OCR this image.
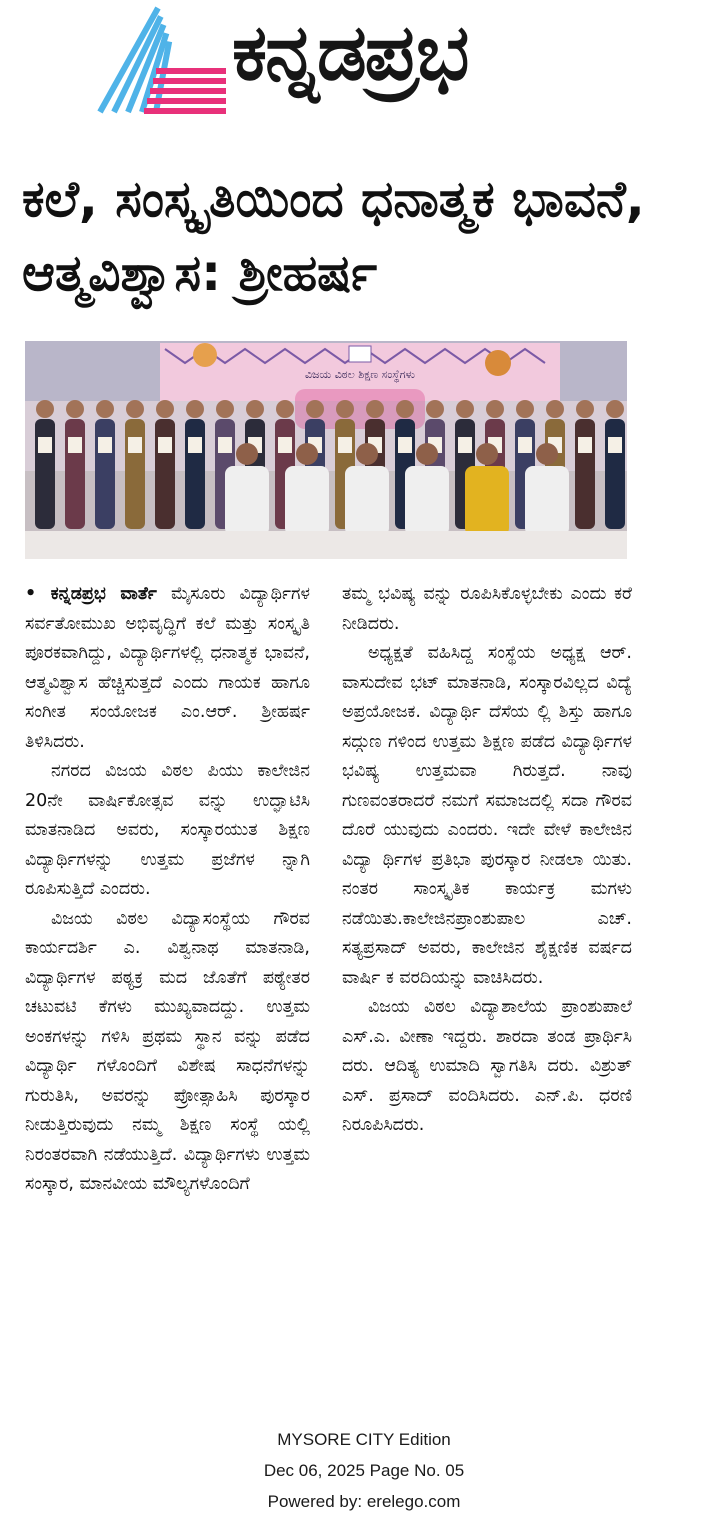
ಕನ್ನಡಪ್ರಭ
ಕಲೆ, ಸಂಸ್ಕೃತಿಯಿಂದ ಧನಾತ್ಮಕ ಭಾವನೆ, ಆತ್ಮವಿಶ್ವಾಸ: ಶ್ರೀಹರ್ಷ
ವಿಜಯ ವಿಠಲ ಶಿಕ್ಷಣ ಸಂಸ್ಥೆಗಳು

• ಕನ್ನಡಪ್ರಭ ವಾರ್ತೆ ಮೈಸೂರು ವಿದ್ಯಾರ್ಥಿಗಳ ಸರ್ವತೋಮುಖ ಅಭಿವೃದ್ಧಿಗೆ ಕಲೆ ಮತ್ತು ಸಂಸ್ಕೃತಿ ಪೂರಕವಾಗಿದ್ದು, ವಿದ್ಯಾರ್ಥಿಗಳಲ್ಲಿ ಧನಾತ್ಮಕ ಭಾವನೆ, ಆತ್ಮವಿಶ್ವಾಸ ಹೆಚ್ಚಿಸುತ್ತದೆ ಎಂದು ಗಾಯಕ ಹಾಗೂ ಸಂಗೀತ ಸಂಯೋಜಕ ಎಂ.ಆರ್. ಶ್ರೀಹರ್ಷ ತಿಳಿಸಿದರು.

ನಗರದ ವಿಜಯ ವಿಠಲ ಪಿಯು ಕಾಲೇಜಿನ 20ನೇ ವಾರ್ಷಿಕೋತ್ಸವ ವನ್ನು ಉದ್ಘಾಟಿಸಿ ಮಾತನಾಡಿದ ಅವರು, ಸಂಸ್ಕಾರಯುತ ಶಿಕ್ಷಣ ವಿದ್ಯಾರ್ಥಿಗಳನ್ನು ಉತ್ತಮ ಪ್ರಜೆಗಳ ನ್ನಾಗಿ ರೂಪಿಸುತ್ತಿದೆ ಎಂದರು.

ವಿಜಯ ವಿಠಲ ವಿದ್ಯಾಸಂಸ್ಥೆಯ ಗೌರವ ಕಾರ್ಯದರ್ಶಿ ಎ. ವಿಶ್ವನಾಥ ಮಾತನಾಡಿ, ವಿದ್ಯಾರ್ಥಿಗಳ ಪಠ್ಯಕ್ರ ಮದ ಜೊತೆಗೆ ಪಠ್ಯೇತರ ಚಟುವಟಿ ಕೆಗಳು ಮುಖ್ಯವಾದದ್ದು. ಉತ್ತಮ ಅಂಕಗಳನ್ನು ಗಳಿಸಿ ಪ್ರಥಮ ಸ್ಥಾನ ವನ್ನು ಪಡೆದ ವಿದ್ಯಾರ್ಥಿ ಗಳೊಂದಿಗೆ ವಿಶೇಷ ಸಾಧನೆಗಳನ್ನು ಗುರುತಿಸಿ, ಅವರನ್ನು ಪ್ರೋತ್ಸಾಹಿಸಿ ಪುರಸ್ಕಾರ ನೀಡುತ್ತಿರುವುದು ನಮ್ಮ ಶಿಕ್ಷಣ ಸಂಸ್ಥೆ ಯಲ್ಲಿ ನಿರಂತರವಾಗಿ ನಡೆಯುತ್ತಿದೆ. ವಿದ್ಯಾರ್ಥಿಗಳು ಉತ್ತಮ ಸಂಸ್ಕಾರ, ಮಾನವೀಯ ಮೌಲ್ಯಗಳೊಂದಿಗೆ

ತಮ್ಮ ಭವಿಷ್ಯ ವನ್ನು ರೂಪಿಸಿಕೊಳ್ಳಬೇಕು ಎಂದು ಕರೆ ನೀಡಿದರು.

ಅಧ್ಯಕ್ಷತೆ ವಹಿಸಿದ್ದ ಸಂಸ್ಥೆಯ ಅಧ್ಯಕ್ಷ ಆರ್. ವಾಸುದೇವ ಭಟ್ ಮಾತನಾಡಿ, ಸಂಸ್ಕಾರವಿಲ್ಲದ ವಿದ್ಯೆ ಅಪ್ರಯೋಜಕ. ವಿದ್ಯಾರ್ಥಿ ದೆಸೆಯ ಲ್ಲಿ ಶಿಸ್ತು ಹಾಗೂ ಸದ್ಗುಣ ಗಳಿಂದ ಉತ್ತಮ ಶಿಕ್ಷಣ ಪಡೆದ ವಿದ್ಯಾರ್ಥಿಗಳ ಭವಿಷ್ಯ ಉತ್ತಮವಾ ಗಿರುತ್ತದೆ. ನಾವು ಗುಣವಂತರಾದರೆ ನಮಗೆ ಸಮಾಜದಲ್ಲಿ ಸದಾ ಗೌರವ ದೊರೆ ಯುವುದು ಎಂದರು. ಇದೇ ವೇಳೆ ಕಾಲೇಜಿನ ವಿದ್ಯಾ ರ್ಥಿಗಳ ಪ್ರತಿಭಾ ಪುರಸ್ಕಾರ ನೀಡಲಾ ಯಿತು. ನಂತರ ಸಾಂಸ್ಕೃತಿಕ ಕಾರ್ಯಕ್ರ ಮಗಳು ನಡೆಯಿತು.ಕಾಲೇಜಿನಪ್ರಾಂಶುಪಾಲ ಎಚ್. ಸತ್ಯಪ್ರಸಾದ್ ಅವರು, ಕಾಲೇಜಿನ ಶೈಕ್ಷಣಿಕ ವರ್ಷದ ವಾರ್ಷಿ ಕ ವರದಿಯನ್ನು ವಾಚಿಸಿದರು.

ವಿಜಯ ವಿಠಲ ವಿದ್ಯಾಶಾಲೆಯ ಪ್ರಾಂಶುಪಾಲೆ ಎಸ್.ಎ. ವೀಣಾ ಇದ್ದರು. ಶಾರದಾ ತಂಡ ಪ್ರಾರ್ಥಿಸಿ ದರು. ಆದಿತ್ಯ ಉಮಾದಿ ಸ್ವಾಗತಿಸಿ ದರು. ವಿಶ್ರುತ್ ಎಸ್. ಪ್ರಸಾದ್ ವಂದಿಸಿದರು. ಎನ್.ಪಿ. ಧರಣಿ ನಿರೂಪಿಸಿದರು.

MYSORE CITY Edition
Dec 06, 2025 Page No. 05
Powered by: erelego.com
